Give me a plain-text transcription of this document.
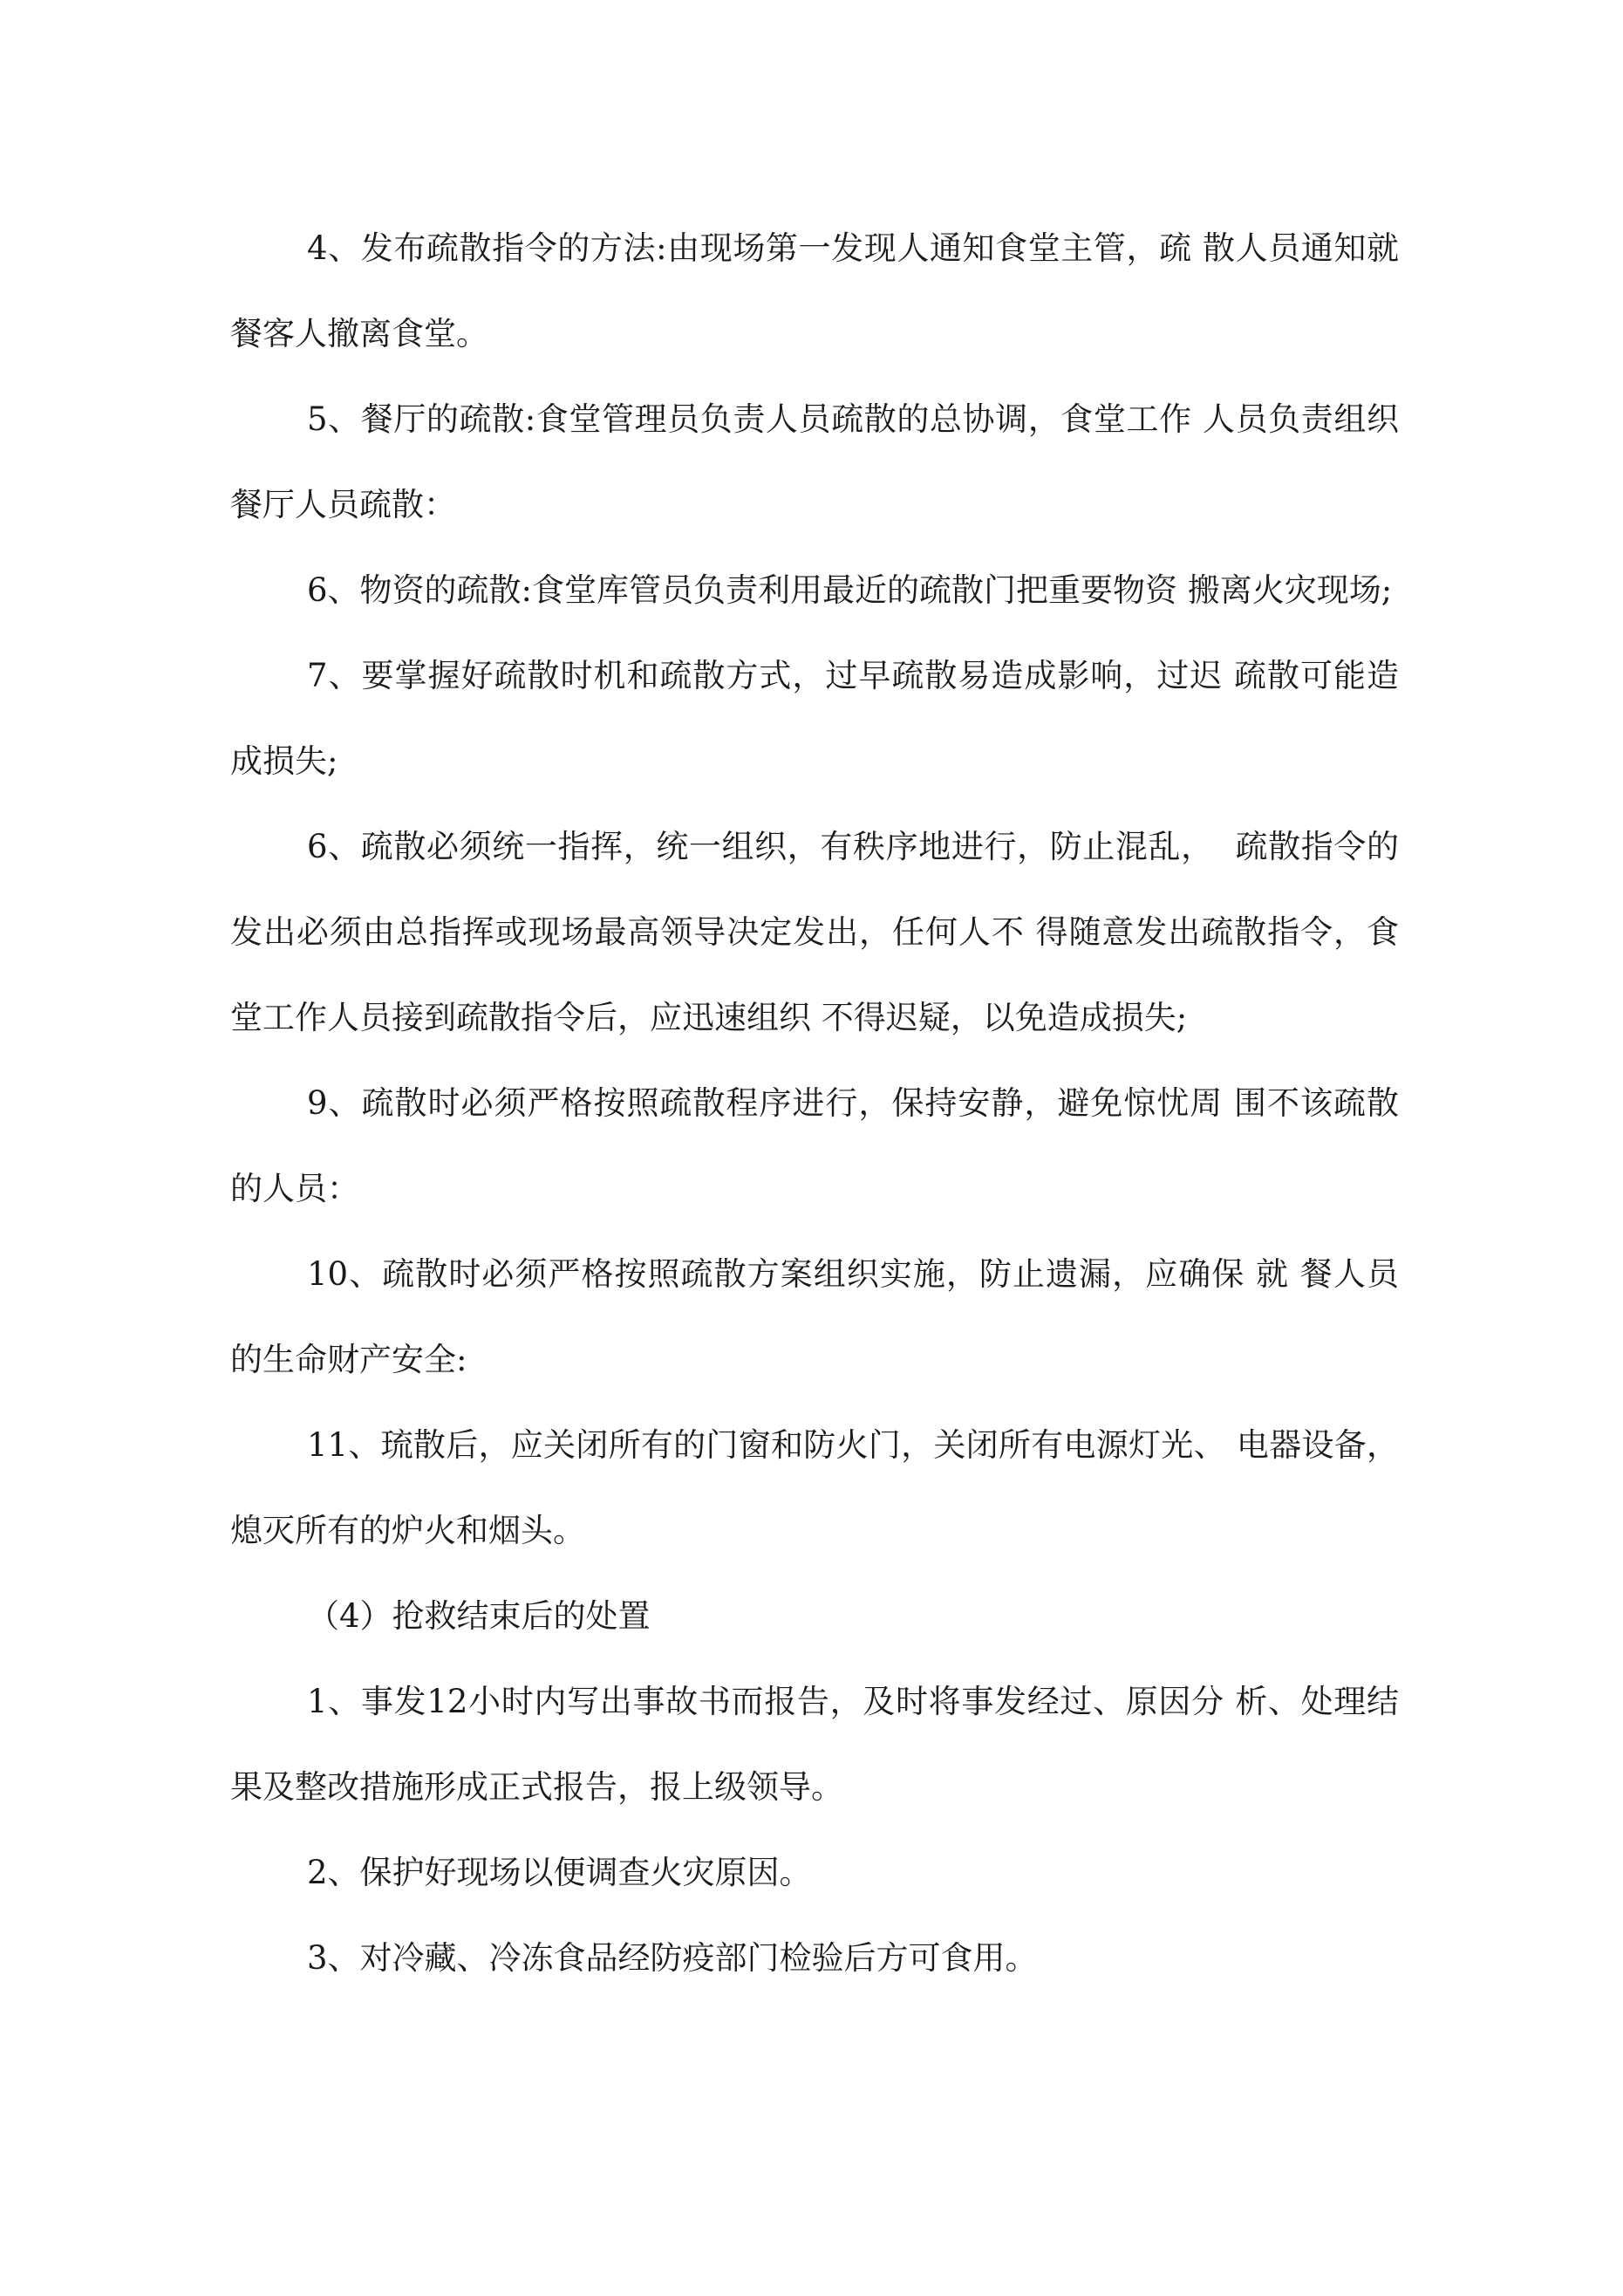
4、发布疏散指令的方法:由现场第一发现人通知食堂主管，疏 散人员通知就餐客人撤离食堂。

5、餐厅的疏散:食堂管理员负责人员疏散的总协调，食堂工作 人员负责组织餐厅人员疏散：

6、物资的疏散:食堂库管员负责利用最近的疏散门把重要物资 搬离火灾现场;

7、要掌握好疏散时机和疏散方式，过早疏散易造成影响，过迟 疏散可能造成损失;

6、疏散必须统一指挥，统一组织，有秩序地进行，防止混乱，  疏散指令的发出必须由总指挥或现场最高领导决定发出，任何人不 得随意发出疏散指令，食堂工作人员接到疏散指令后，应迅速组织 不得迟疑，以免造成损失;

9、疏散时必须严格按照疏散程序进行，保持安静，避免惊忧周 围不该疏散的人员：

10、疏散时必须严格按照疏散方案组织实施，防止遗漏，应确保 就 餐人员的生命财产安全:

11、琉散后，应关闭所有的门窗和防火门，关闭所有电源灯光、 电器设备，熄灭所有的炉火和烟头。

（4）抢救结束后的处置

1、事发12小时内写出事故书而报告，及时将事发经过、原因分 析、处理结果及整改措施形成正式报告，报上级领导。

2、保护好现场以便调查火灾原因。

3、对冷藏、冷冻食品经防疫部门检验后方可食用。
